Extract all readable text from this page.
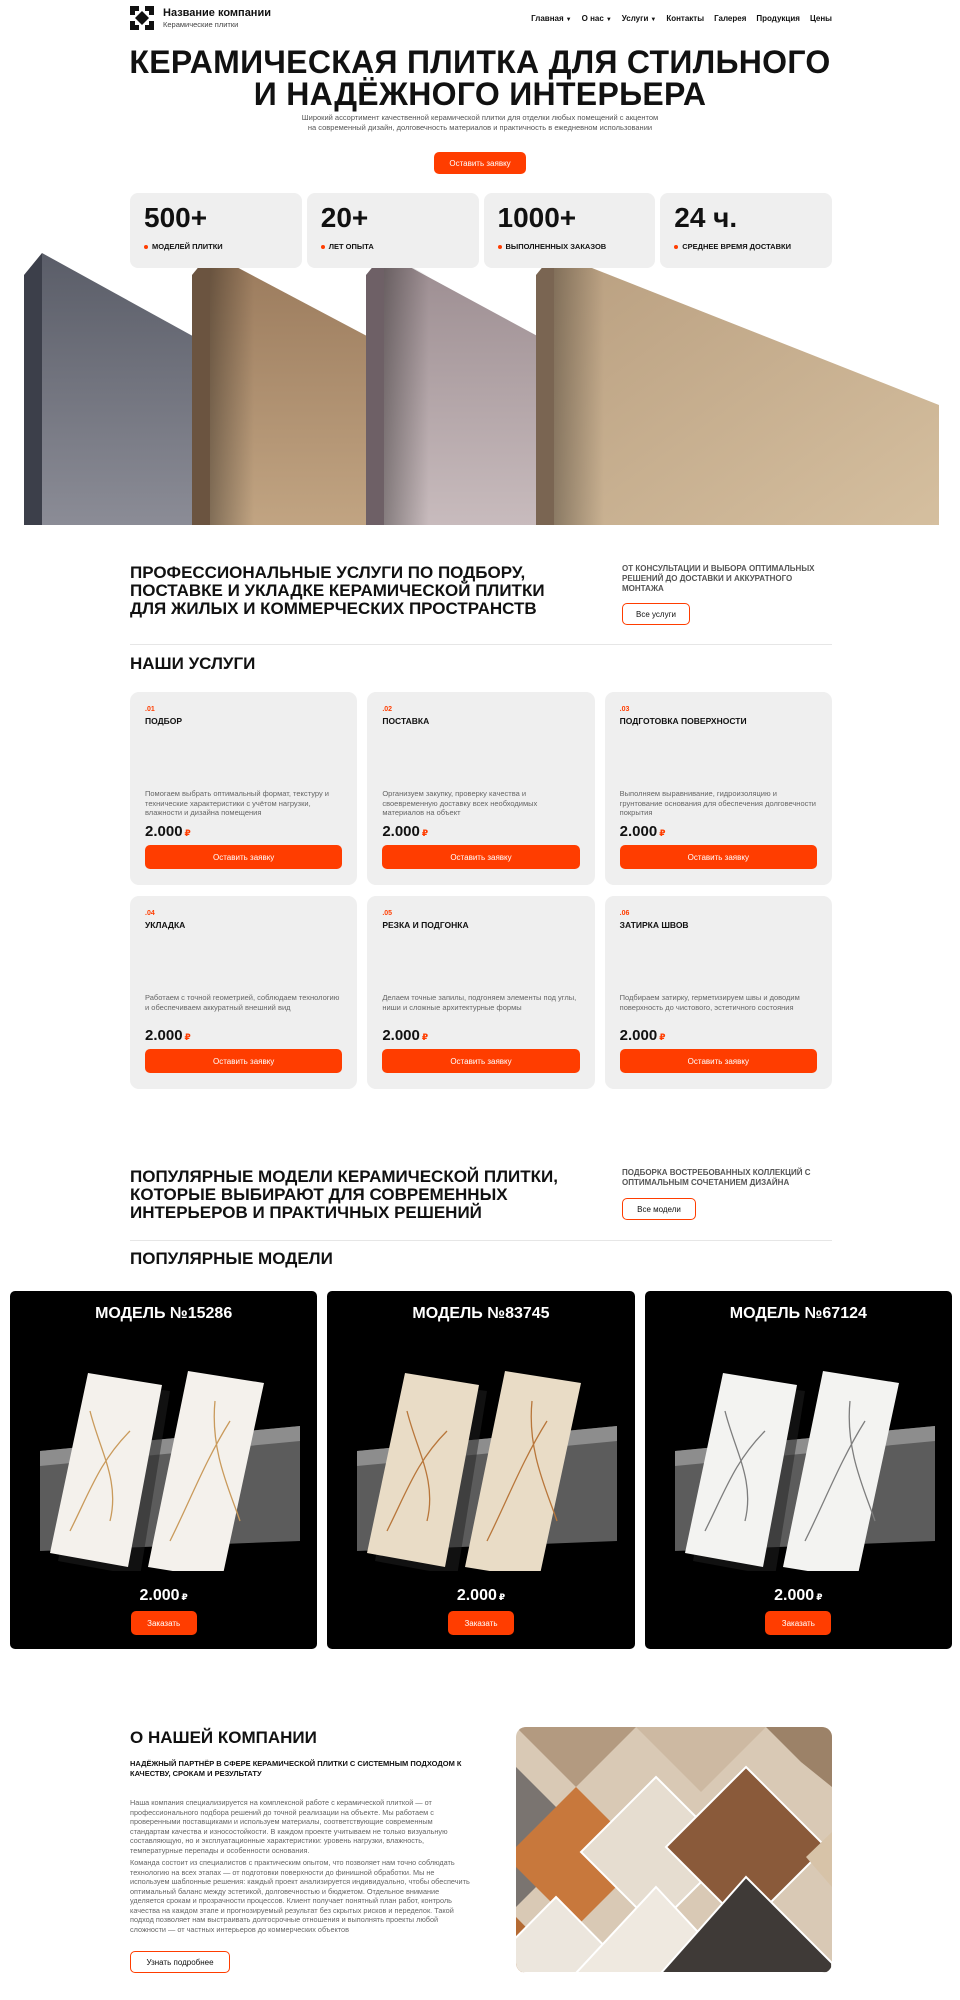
Название компании
Керамические плитки
Главная ▼ О нас ▼ Услуги ▼ Контакты Галерея Продукция Цены
КЕРАМИЧЕСКАЯ ПЛИТКА ДЛЯ СТИЛЬНОГО
И НАДЁЖНОГО ИНТЕРЬЕРА
Широкий ассортимент качественной керамической плитки для отделки любых помещений с акцентом на современный дизайн, долговечность материалов и практичность в ежедневном использовании
Оставить заявку
500+
МОДЕЛЕЙ ПЛИТКИ
20+
ЛЕТ ОПЫТА
1000+
ВЫПОЛНЕННЫХ ЗАКАЗОВ
24 ч.
СРЕДНЕЕ ВРЕМЯ ДОСТАВКИ
ПРОФЕССИОНАЛЬНЫЕ УСЛУГИ ПО ПОДБОРУ, ПОСТАВКЕ И УКЛАДКЕ КЕРАМИЧЕСКОЙ ПЛИТКИ ДЛЯ ЖИЛЫХ И КОММЕРЧЕСКИХ ПРОСТРАНСТВ
ОТ КОНСУЛЬТАЦИИ И ВЫБОРА ОПТИМАЛЬНЫХ РЕШЕНИЙ ДО ДОСТАВКИ И АККУРАТНОГО МОНТАЖА
Все услуги
НАШИ УСЛУГИ
.01
ПОДБОР
Помогаем выбрать оптимальный формат, текстуру и технические характеристики с учётом нагрузки, влажности и дизайна помещения
2.000 ₽
Оставить заявку
.02
ПОСТАВКА
Организуем закупку, проверку качества и своевременную доставку всех необходимых материалов на объект
2.000 ₽
Оставить заявку
.03
ПОДГОТОВКА ПОВЕРХНОСТИ
Выполняем выравнивание, гидроизоляцию и грунтование основания для обеспечения долговечности покрытия
2.000 ₽
Оставить заявку
.04
УКЛАДКА
Работаем с точной геометрией, соблюдаем технологию и обеспечиваем аккуратный внешний вид
2.000 ₽
Оставить заявку
.05
РЕЗКА И ПОДГОНКА
Делаем точные запилы, подгоняем элементы под углы, ниши и сложные архитектурные формы
2.000 ₽
Оставить заявку
.06
ЗАТИРКА ШВОВ
Подбираем затирку, герметизируем швы и доводим поверхность до чистового, эстетичного состояния
2.000 ₽
Оставить заявку
ПОПУЛЯРНЫЕ МОДЕЛИ КЕРАМИЧЕСКОЙ ПЛИТКИ, КОТОРЫЕ ВЫБИРАЮТ ДЛЯ СОВРЕМЕННЫХ ИНТЕРЬЕРОВ И ПРАКТИЧНЫХ РЕШЕНИЙ
ПОДБОРКА ВОСТРЕБОВАННЫХ КОЛЛЕКЦИЙ С ОПТИМАЛЬНЫМ СОЧЕТАНИЕМ ДИЗАЙНА
Все модели
ПОПУЛЯРНЫЕ МОДЕЛИ
МОДЕЛЬ №15286
2.000 ₽
Заказать
МОДЕЛЬ №83745
2.000 ₽
Заказать
МОДЕЛЬ №67124
2.000 ₽
Заказать
О НАШЕЙ КОМПАНИИ
НАДЁЖНЫЙ ПАРТНЁР В СФЕРЕ КЕРАМИЧЕСКОЙ ПЛИТКИ С СИСТЕМНЫМ ПОДХОДОМ К КАЧЕСТВУ, СРОКАМ И РЕЗУЛЬТАТУ
Наша компания специализируется на комплексной работе с керамической плиткой — от профессионального подбора решений до точной реализации на объекте. Мы работаем с проверенными поставщиками и используем материалы, соответствующие современным стандартам качества и износостойкости. В каждом проекте учитываем не только визуальную составляющую, но и эксплуатационные характеристики: уровень нагрузки, влажность, температурные перепады и особенности основания.
Команда состоит из специалистов с практическим опытом, что позволяет нам точно соблюдать технологию на всех этапах — от подготовки поверхности до финишной обработки. Мы не используем шаблонные решения: каждый проект анализируется индивидуально, чтобы обеспечить оптимальный баланс между эстетикой, долговечностью и бюджетом. Отдельное внимание уделяется срокам и прозрачности процессов. Клиент получает понятный план работ, контроль качества на каждом этапе и прогнозируемый результат без скрытых рисков и переделок. Такой подход позволяет нам выстраивать долгосрочные отношения и выполнять проекты любой сложности — от частных интерьеров до коммерческих объектов
Узнать подробнее
